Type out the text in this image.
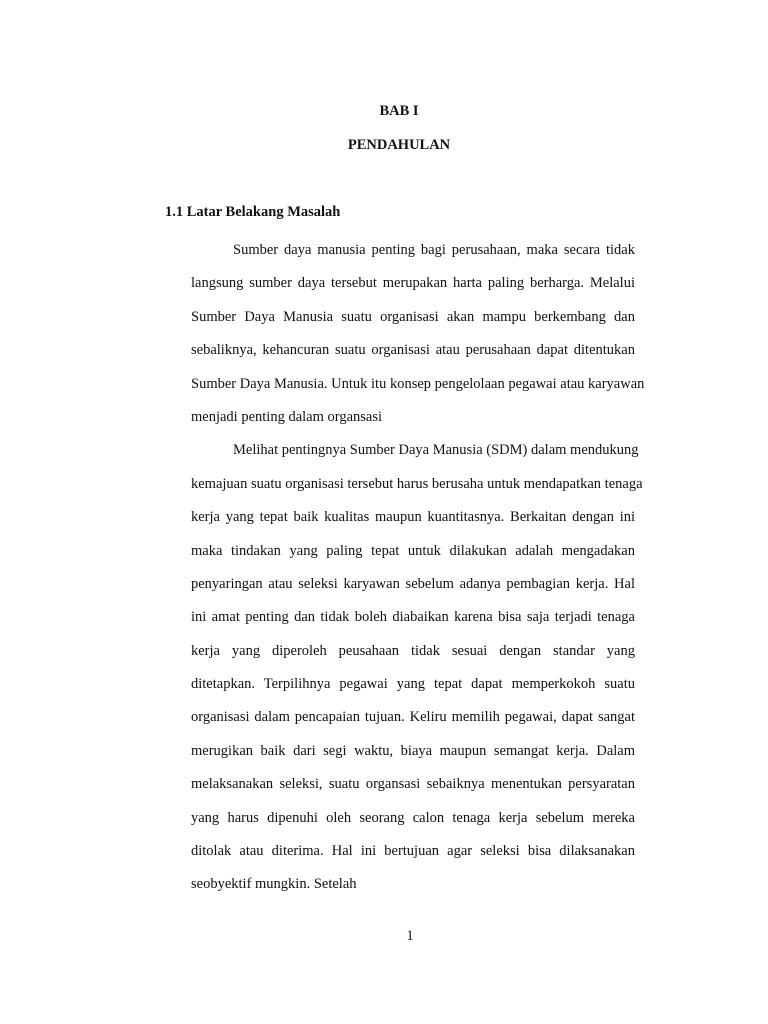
BAB I
PENDAHULAN
1.1 Latar Belakang Masalah

Sumber daya manusia penting bagi perusahaan, maka secara tidak
langsung sumber daya tersebut merupakan harta paling berharga. Melalui
Sumber Daya Manusia suatu organisasi akan mampu berkembang dan
sebaliknya, kehancuran suatu organisasi atau perusahaan dapat ditentukan
Sumber Daya Manusia. Untuk itu konsep pengelolaan pegawai atau karyawan
menjadi penting dalam organsasi

Melihat pentingnya Sumber Daya Manusia (SDM) dalam mendukung
kemajuan suatu organisasi tersebut harus berusaha untuk mendapatkan tenaga
kerja yang tepat baik kualitas maupun kuantitasnya. Berkaitan dengan ini
maka tindakan yang paling tepat untuk dilakukan adalah mengadakan
penyaringan atau seleksi karyawan sebelum adanya pembagian kerja. Hal
ini amat penting dan tidak boleh diabaikan karena bisa saja terjadi tenaga
kerja yang diperoleh peusahaan tidak sesuai dengan standar yang
ditetapkan. Terpilihnya pegawai yang tepat dapat memperkokoh suatu
organisasi dalam pencapaian tujuan. Keliru memilih pegawai, dapat sangat
merugikan baik dari segi waktu, biaya maupun semangat kerja. Dalam
melaksanakan seleksi, suatu organsasi sebaiknya menentukan persyaratan
yang harus dipenuhi oleh seorang calon tenaga kerja sebelum mereka
ditolak atau diterima. Hal ini bertujuan agar seleksi bisa dilaksanakan
seobyektif mungkin. Setelah

1
